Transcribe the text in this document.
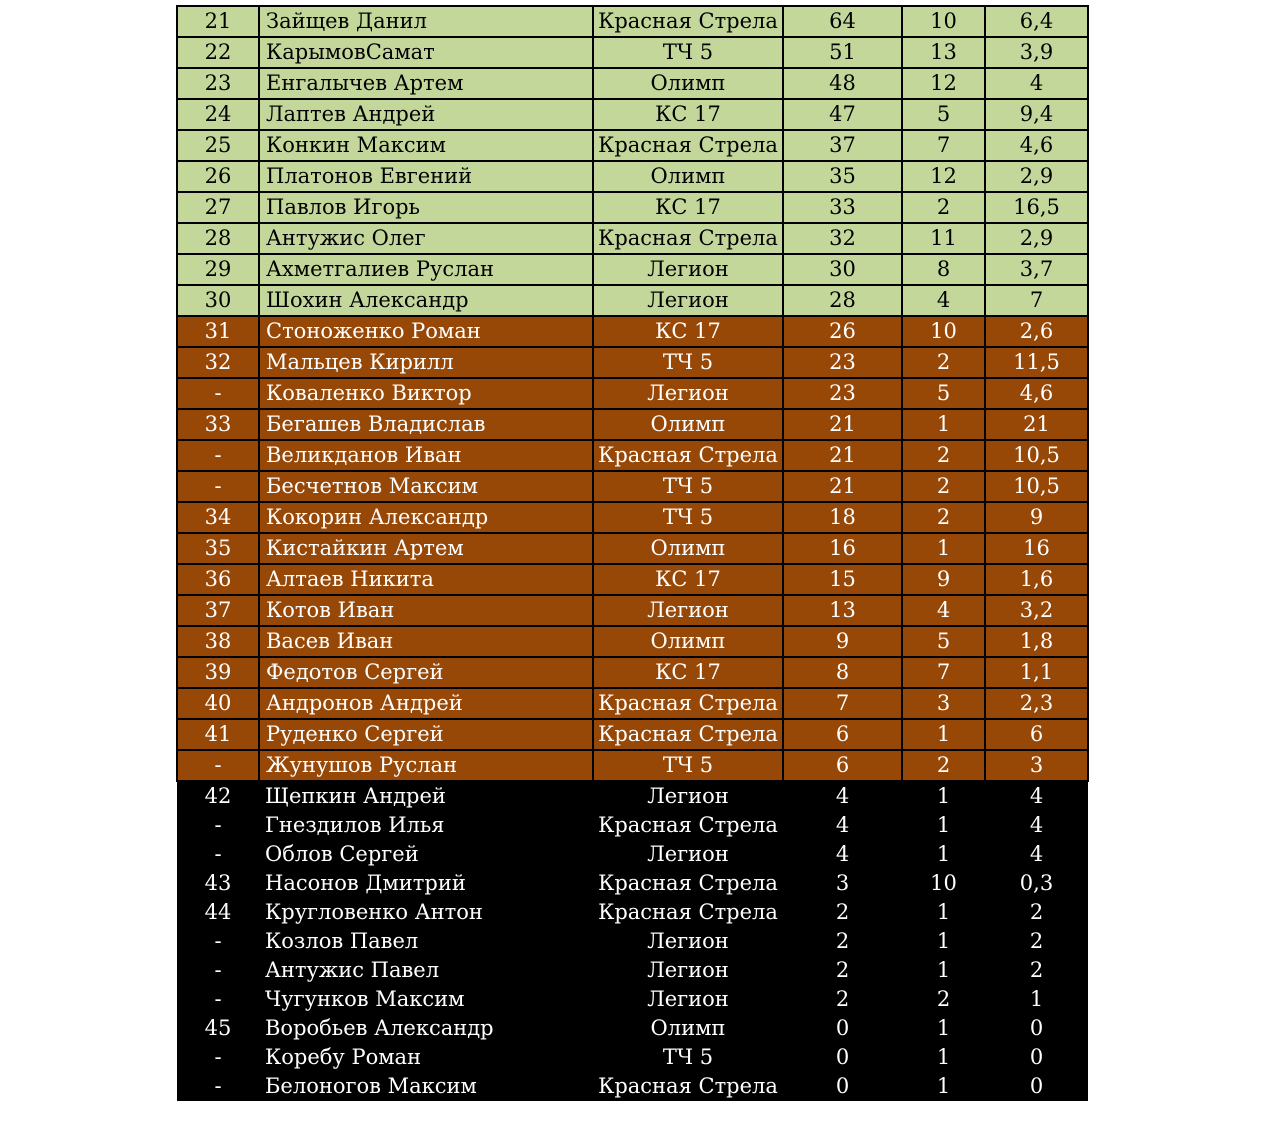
21	Зайщев Данил	Красная Стрела	64	10	6,4
22	КарымовСамат	ТЧ 5	51	13	3,9
23	Енгалычев Артем	Олимп	48	12	4
24	Лаптев Андрей	КС 17	47	5	9,4
25	Конкин Максим	Красная Стрела	37	7	4,6
26	Платонов Евгений	Олимп	35	12	2,9
27	Павлов Игорь	КС 17	33	2	16,5
28	Антужис Олег	Красная Стрела	32	11	2,9
29	Ахметгалиев Руслан	Легион	30	8	3,7
30	Шохин Александр	Легион	28	4	7
31	Стоноженко Роман	КС 17	26	10	2,6
32	Мальцев Кирилл	ТЧ 5	23	2	11,5
-	Коваленко Виктор	Легион	23	5	4,6
33	Бегашев Владислав	Олимп	21	1	21
-	Великданов Иван	Красная Стрела	21	2	10,5
-	Бесчетнов Максим	ТЧ 5	21	2	10,5
34	Кокорин Александр	ТЧ 5	18	2	9
35	Кистайкин Артем	Олимп	16	1	16
36	Алтаев Никита	КС 17	15	9	1,6
37	Котов Иван	Легион	13	4	3,2
38	Васев Иван	Олимп	9	5	1,8
39	Федотов Сергей	КС 17	8	7	1,1
40	Андронов Андрей	Красная Стрела	7	3	2,3
41	Руденко Сергей	Красная Стрела	6	1	6
-	Жунушов Руслан	ТЧ 5	6	2	3
42	Щепкин Андрей	Легион	4	1	4
-	Гнездилов Илья	Красная Стрела	4	1	4
-	Облов Сергей	Легион	4	1	4
43	Насонов Дмитрий	Красная Стрела	3	10	0,3
44	Кругловенко Антон	Красная Стрела	2	1	2
-	Козлов Павел	Легион	2	1	2
-	Антужис Павел	Легион	2	1	2
-	Чугунков Максим	Легион	2	2	1
45	Воробьев Александр	Олимп	0	1	0
-	Коребу Роман	ТЧ 5	0	1	0
-	Белоногов Максим	Красная Стрела	0	1	0
